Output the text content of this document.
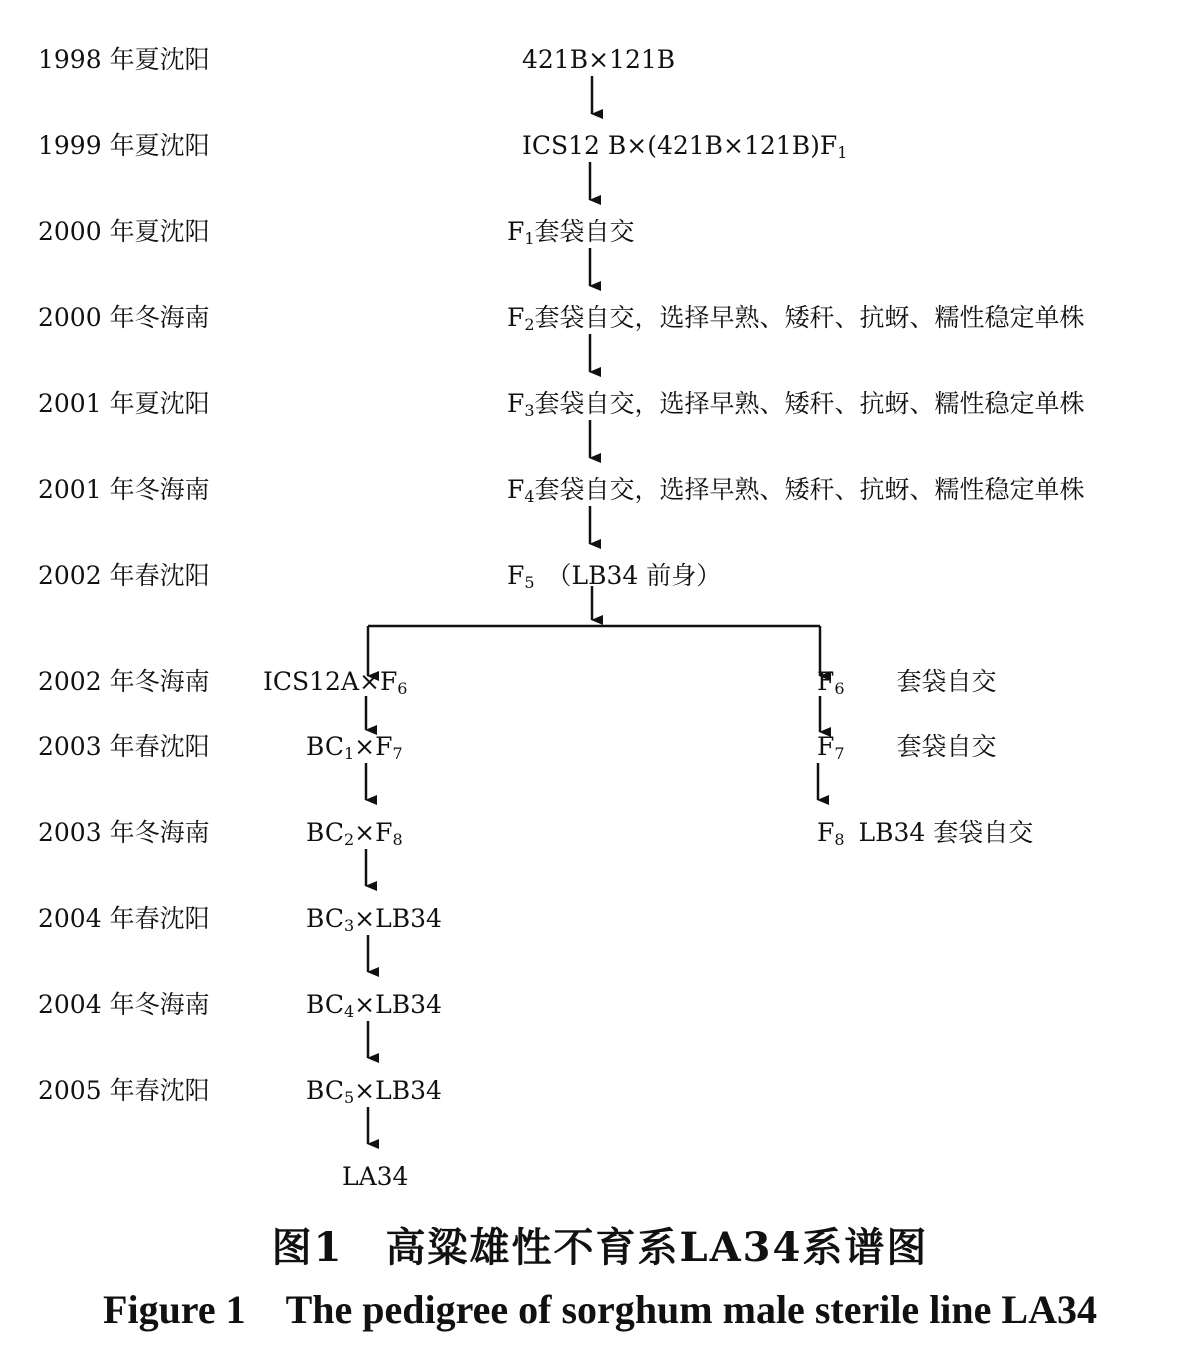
1998 年夏沈阳
1999 年夏沈阳
2000 年夏沈阳
2000 年冬海南
2001 年夏沈阳
2001 年冬海南
2002 年春沈阳
2002 年冬海南
2003 年春沈阳
2003 年冬海南
2004 年春沈阳
2004 年冬海南
2005 年春沈阳
421B×121B
ICS12 $B\times(421B\times 121B)F_1$
$F_1$套袋自交
$F_2$套袋自交，选择早熟、矮秆、抗蚜、糯性稳定单株
$F_3$套袋自交，选择早熟、矮秆、抗蚜、糯性稳定单株
$F_4$套袋自交，选择早熟、矮秆、抗蚜、糯性稳定单株
$F_5$ （LB34 前身）
$ICS12A\times F_6$
$BC_1\times F_7$
$BC_2\times F_8$
$BC_3\times LB34$
$BC_4\times LB34$
$BC_5\times LB34$
LA34
$F_6$ 套袋自交
$F_7$ 套袋自交
$F_8$ LB34 套袋自交
图1　高粱雄性不育系LA34系谱图
Figure 1　The pedigree of sorghum male sterile line LA34
